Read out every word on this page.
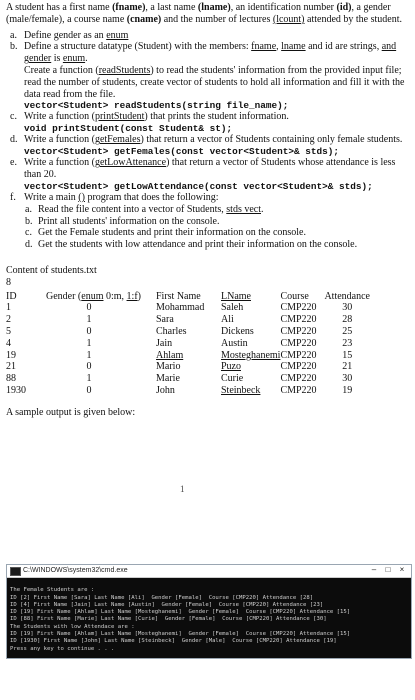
A student has a first name (fname), a last name (lname), an identification number (id), a gender (male/female), a course name (cname) and the number of lectures (lcount) attended by the student.

a. Define gender as an enum
b. Define a structure datatype (Student) with the members: fname, lname and id are strings, and gender is enum.
Create a function (readStudents) to read the students' information from the provided input file; read the number of students, create vector of students to hold all information and fill it with the data read from the file.
vector<Student> readStudents(string file_name);
c. Write a function (printStudent) that prints the student information.
void printStudent(const Student& st);
d. Write a function (getFemales) that return a vector of Students containing only female students.
vector<Student> getFemales(const vector<Student>& stds);
e. Write a function (getLowAttenance) that return a vector of Students whose attendance is less than 20.
vector<Student> getLowAttendance(const vector<Student>& stds);
f. Write a main () program that does the following:
a. Read the file content into a vector of Students, stds vect.
b. Print all students' information on the console.
c. Get the Female students and print their information on the console.
d. Get the students with low attendance and print their information on the console.
Content of students.txt
8
ID	Gender (enum 0:m, 1:f)	First Name	LName	Course	Attendance
1	0	Mohammad	Saleh	CMP220	30
2	1	Sara	Ali	CMP220	28
5	0	Charles	Dickens	CMP220	25
4	1	Jain	Austin	CMP220	23
19	1	Ahlam	Mosteghanemi	CMP220	15
21	0	Mario	Puzo	CMP220	21
88	1	Marie	Curie	CMP220	30
1930	0	John	Steinbeck	CMP220	19
A sample output is given below:
C:\WINDOWS\system32\cmd.exe	–	□	×

The Female Students are :
ID [2] First Name [Sara] Last Name [Ali]  Gender [Female]  Course [CMP220] Attendance [28]
ID [4] First Name [Jain] Last Name [Austin]  Gender [Female]  Course [CMP220] Attendance [23]
ID [19] First Name [Ahlam] Last Name [Mosteghanemi]  Gender [Female]  Course [CMP220] Attendance [15]
ID [88] First Name [Marie] Last Name [Curie]  Gender [Female]  Course [CMP220] Attendance [30]
The Students with low Attendace are :
ID [19] First Name [Ahlam] Last Name [Mosteghanemi]  Gender [Female]  Course [CMP220] Attendance [15]
ID [1930] First Name [John] Last Name [Steinbeck]  Gender [Male]  Course [CMP220] Attendance [19]
Press any key to continue . . .

1
